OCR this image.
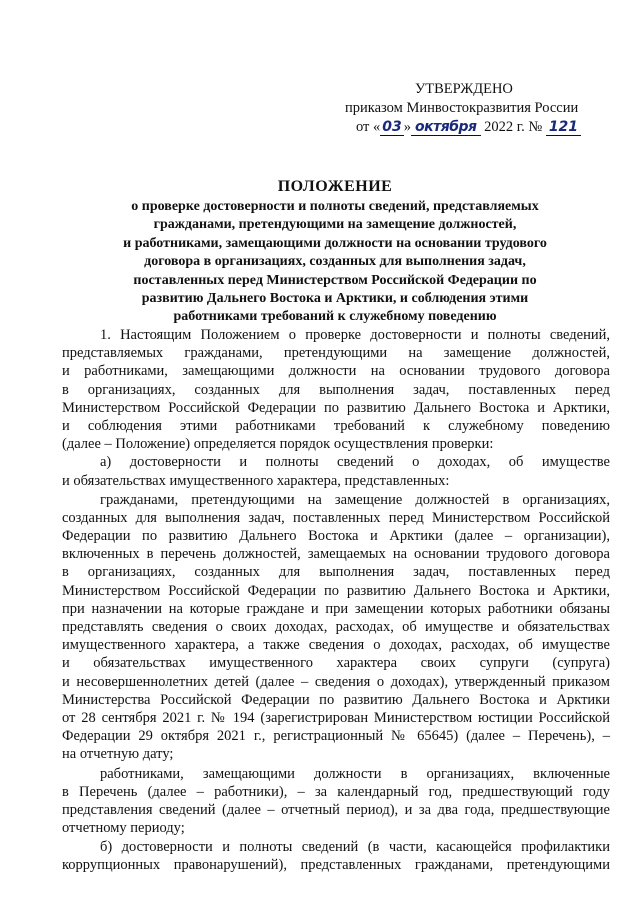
УТВЕРЖДЕНО
приказом Минвостокразвития России
от « 03 » октября 2022 г. № 121
ПОЛОЖЕНИЕ
о проверке достоверности и полноты сведений, представляемых
гражданами, претендующими на замещение должностей,
и работниками, замещающими должности на основании трудового
договора в организациях, созданных для выполнения задач,
поставленных перед Министерством Российской Федерации по
развитию Дальнего Востока и Арктики, и соблюдения этими
работниками требований к служебному поведению
1. Настоящим Положением о проверке достоверности и полноты сведений,
представляемых гражданами, претендующими на замещение должностей,
и работниками, замещающими должности на основании трудового договора
в организациях, созданных для выполнения задач, поставленных перед
Министерством Российской Федерации по развитию Дальнего Востока и Арктики,
и соблюдения этими работниками требований к служебному поведению
(далее – Положение) определяется порядок осуществления проверки:
а) достоверности и полноты сведений о доходах, об имуществе
и обязательствах имущественного характера, представленных:
гражданами, претендующими на замещение должностей в организациях,
созданных для выполнения задач, поставленных перед Министерством Российской
Федерации по развитию Дальнего Востока и Арктики (далее – организации),
включенных в перечень должностей, замещаемых на основании трудового договора
в организациях, созданных для выполнения задач, поставленных перед
Министерством Российской Федерации по развитию Дальнего Востока и Арктики,
при назначении на которые граждане и при замещении которых работники обязаны
представлять сведения о своих доходах, расходах, об имуществе и обязательствах
имущественного характера, а также сведения о доходах, расходах, об имуществе
и обязательствах имущественного характера своих супруги (супруга)
и несовершеннолетних детей (далее – сведения о доходах), утвержденный приказом
Министерства Российской Федерации по развитию Дальнего Востока и Арктики
от 28 сентября 2021 г. № 194 (зарегистрирован Министерством юстиции Российской
Федерации 29 октября 2021 г., регистрационный № 65645) (далее – Перечень), –
на отчетную дату;
работниками, замещающими должности в организациях, включенные
в Перечень (далее – работники), – за календарный год, предшествующий году
представления сведений (далее – отчетный период), и за два года, предшествующие
отчетному периоду;
б) достоверности и полноты сведений (в части, касающейся профилактики
коррупционных правонарушений), представленных гражданами, претендующими
